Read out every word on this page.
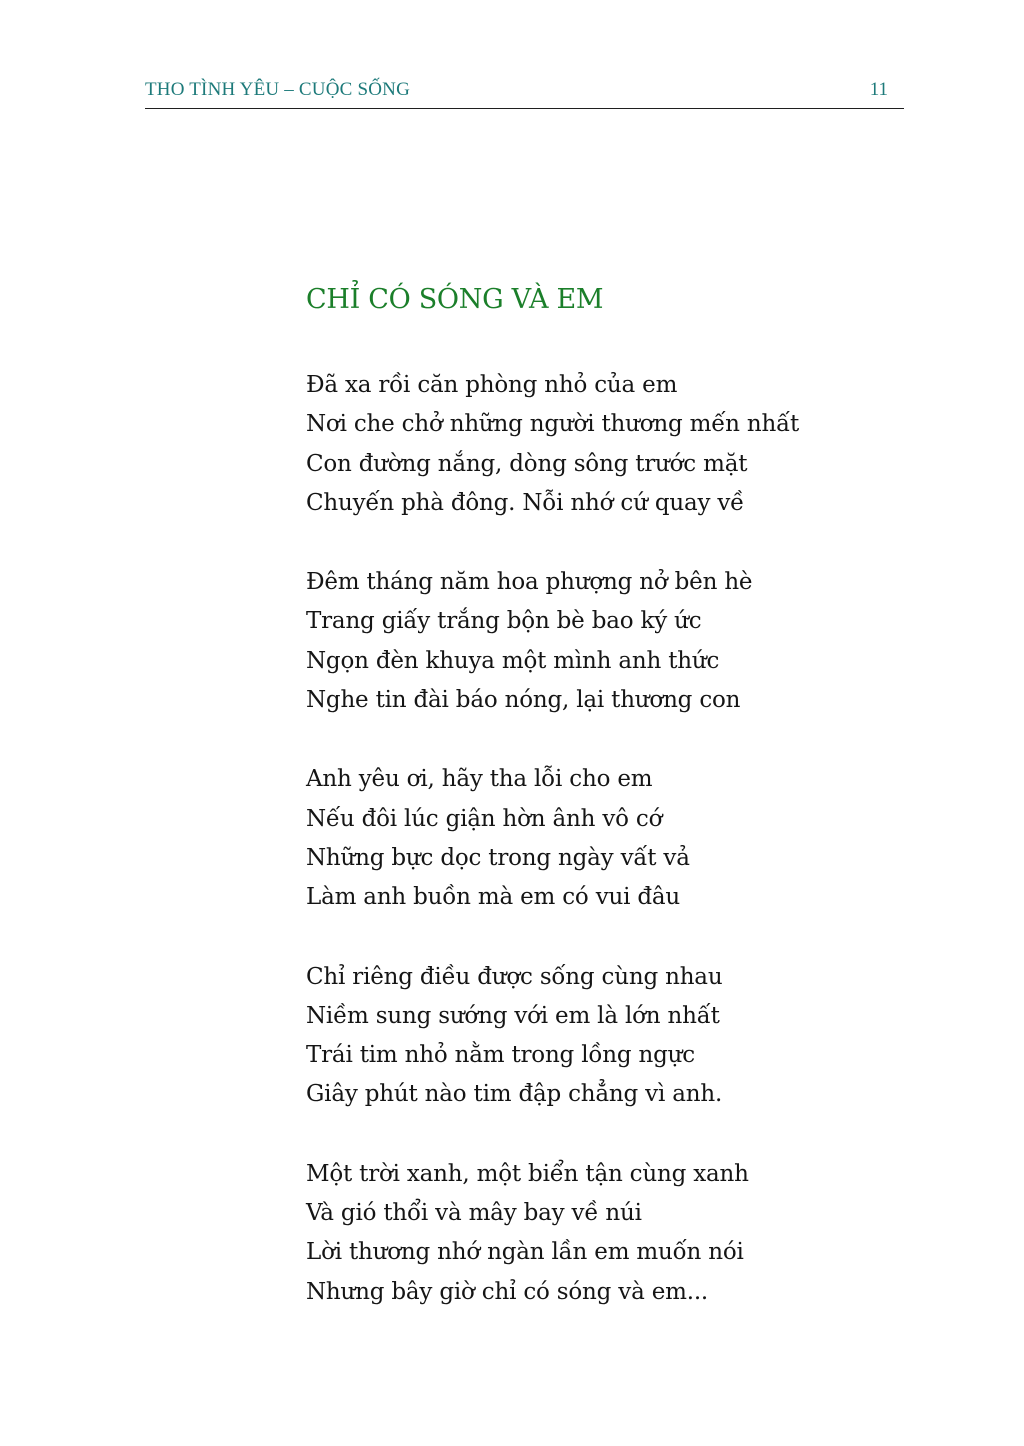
THO TÌNH YÊU – CUỘC SỐNG	11
CHỈ CÓ SÓNG VÀ EM
Đã xa rồi căn phòng nhỏ của em
Nơi che chở những người thương mến nhất
Con đường nắng, dòng sông trước mặt
Chuyến phà đông. Nỗi nhớ cứ quay về
Đêm tháng năm hoa phượng nở bên hè
Trang giấy trắng bộn bè bao ký ức
Ngọn đèn khuya một mình anh thức
Nghe tin đài báo nóng, lại thương con
Anh yêu ơi, hãy tha lỗi cho em
Nếu đôi lúc giận hờn ânh vô cớ
Những bực dọc trong ngày vất vả
Làm anh buồn mà em có vui đâu
Chỉ riêng điều được sống cùng nhau
Niềm sung sướng với em là lớn nhất
Trái tim nhỏ nằm trong lồng ngực
Giây phút nào tim đập chẳng vì anh.
Một trời xanh, một biển tận cùng xanh
Và gió thổi và mây bay về núi
Lời thương nhớ ngàn lần em muốn nói
Nhưng bây giờ chỉ có sóng và em...
